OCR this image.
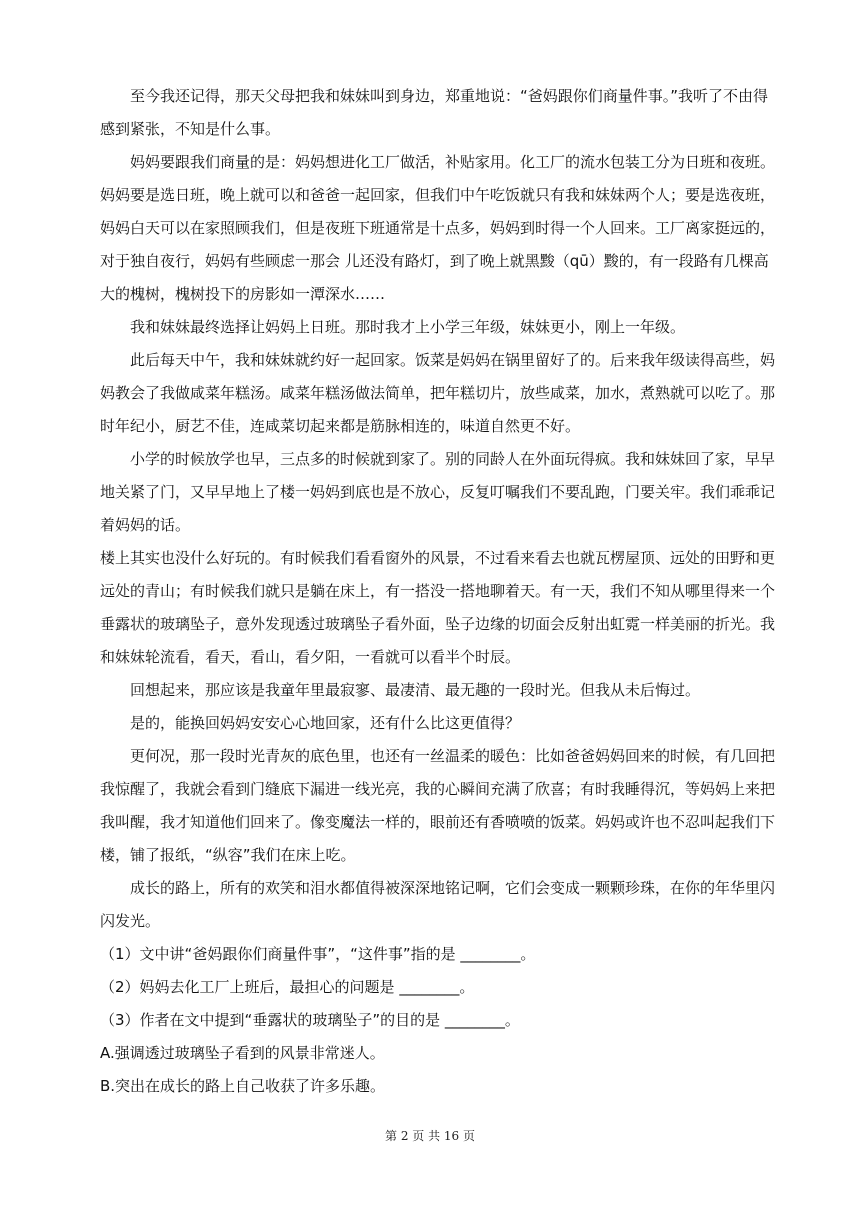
　　至今我还记得，那天父母把我和妹妹叫到身边，郑重地说：“爸妈跟你们商量件事。”我听了不由得
感到紧张，不知是什么事。
　　妈妈要跟我们商量的是：妈妈想进化工厂做活，补贴家用。化工厂的流水包装工分为日班和夜班。
妈妈要是选日班，晚上就可以和爸爸一起回家，但我们中午吃饭就只有我和妹妹两个人；要是选夜班，
妈妈白天可以在家照顾我们，但是夜班下班通常是十点多，妈妈到时得一个人回来。工厂离家挺远的，
对于独自夜行，妈妈有些顾虑一那会 儿还没有路灯，到了晚上就黑黢（qū）黢的，有一段路有几棵高
大的槐树，槐树投下的房影如一潭深水……
　　我和妹妹最终选择让妈妈上日班。那时我才上小学三年级，妹妹更小，刚上一年级。
　　此后每天中午，我和妹妹就约好一起回家。饭菜是妈妈在锅里留好了的。后来我年级读得高些，妈
妈教会了我做咸菜年糕汤。咸菜年糕汤做法简单，把年糕切片，放些咸菜，加水，煮熟就可以吃了。那
时年纪小，厨艺不佳，连咸菜切起来都是筋脉相连的，味道自然更不好。
　　小学的时候放学也早，三点多的时候就到家了。别的同龄人在外面玩得疯。我和妹妹回了家，早早
地关紧了门，又早早地上了楼一妈妈到底也是不放心，反复叮嘱我们不要乱跑，门要关牢。我们乖乖记
着妈妈的话。
楼上其实也没什么好玩的。有时候我们看看窗外的风景，不过看来看去也就瓦楞屋顶、远处的田野和更
远处的青山；有时候我们就只是躺在床上，有一搭没一搭地聊着天。有一天，我们不知从哪里得来一个
垂露状的玻璃坠子，意外发现透过玻璃坠子看外面，坠子边缘的切面会反射出虹霓一样美丽的折光。我
和妹妹轮流看，看天，看山，看夕阳，一看就可以看半个时辰。
　　回想起来，那应该是我童年里最寂寥、最凄清、最无趣的一段时光。但我从未后悔过。
　　是的，能换回妈妈安安心心地回家，还有什么比这更值得？
　　更何况，那一段时光青灰的底色里，也还有一丝温柔的暖色：比如爸爸妈妈回来的时候，有几回把
我惊醒了，我就会看到门缝底下漏进一线光亮，我的心瞬间充满了欣喜；有时我睡得沉，等妈妈上来把
我叫醒，我才知道他们回来了。像变魔法一样的，眼前还有香喷喷的饭菜。妈妈或许也不忍叫起我们下
楼，铺了报纸，“纵容”我们在床上吃。
　　成长的路上，所有的欢笑和泪水都值得被深深地铭记啊，它们会变成一颗颗珍珠，在你的年华里闪
闪发光。
（1）文中讲“爸妈跟你们商量件事”，“这件事”指的是 ________。
（2）妈妈去化工厂上班后，最担心的问题是 ________。
（3）作者在文中提到“垂露状的玻璃坠子”的目的是 ________。
A.强调透过玻璃坠子看到的风景非常迷人。
B.突出在成长的路上自己收获了许多乐趣。
第 2 页 共 16 页
